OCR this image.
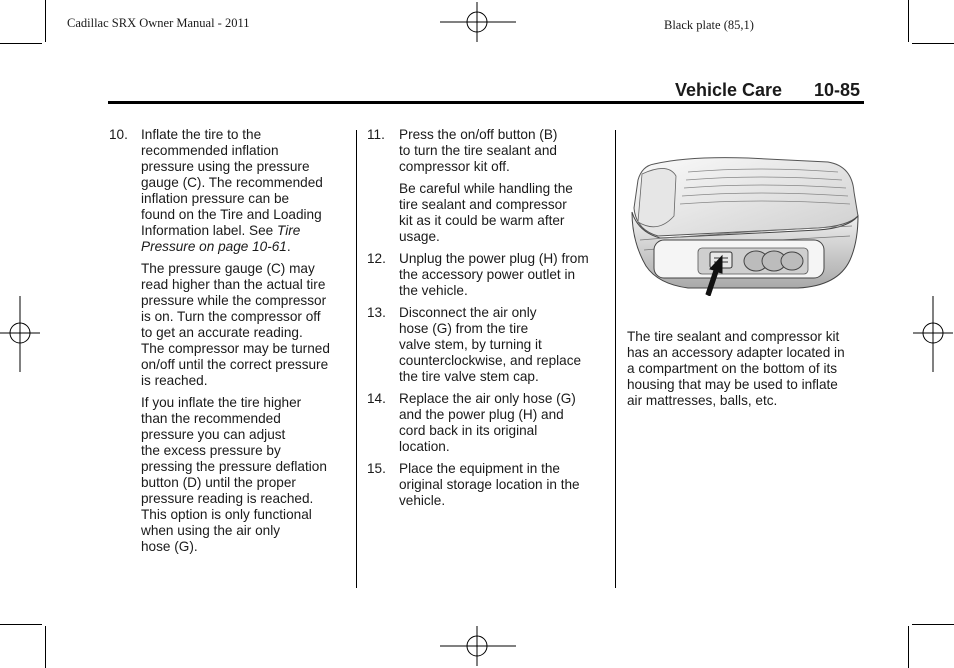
Cadillac SRX Owner Manual - 2011	Black plate (85,1)
Vehicle Care 10-85
10. Inflate the tire to the
recommended inflation
pressure using the pressure
gauge (C). The recommended
inflation pressure can be
found on the Tire and Loading
Information label. See Tire
Pressure on page 10-61.
The pressure gauge (C) may
read higher than the actual tire
pressure while the compressor
is on. Turn the compressor off
to get an accurate reading.
The compressor may be turned
on/off until the correct pressure
is reached.
If you inflate the tire higher
than the recommended
pressure you can adjust
the excess pressure by
pressing the pressure deflation
button (D) until the proper
pressure reading is reached.
This option is only functional
when using the air only
hose (G).
11. Press the on/off button (B)
to turn the tire sealant and
compressor kit off.
Be careful while handling the
tire sealant and compressor
kit as it could be warm after
usage.
12. Unplug the power plug (H) from
the accessory power outlet in
the vehicle.
13. Disconnect the air only
hose (G) from the tire
valve stem, by turning it
counterclockwise, and replace
the tire valve stem cap.
14. Replace the air only hose (G)
and the power plug (H) and
cord back in its original
location.
15. Place the equipment in the
original storage location in the
vehicle.
The tire sealant and compressor kit
has an accessory adapter located in
a compartment on the bottom of its
housing that may be used to inflate
air mattresses, balls, etc.
